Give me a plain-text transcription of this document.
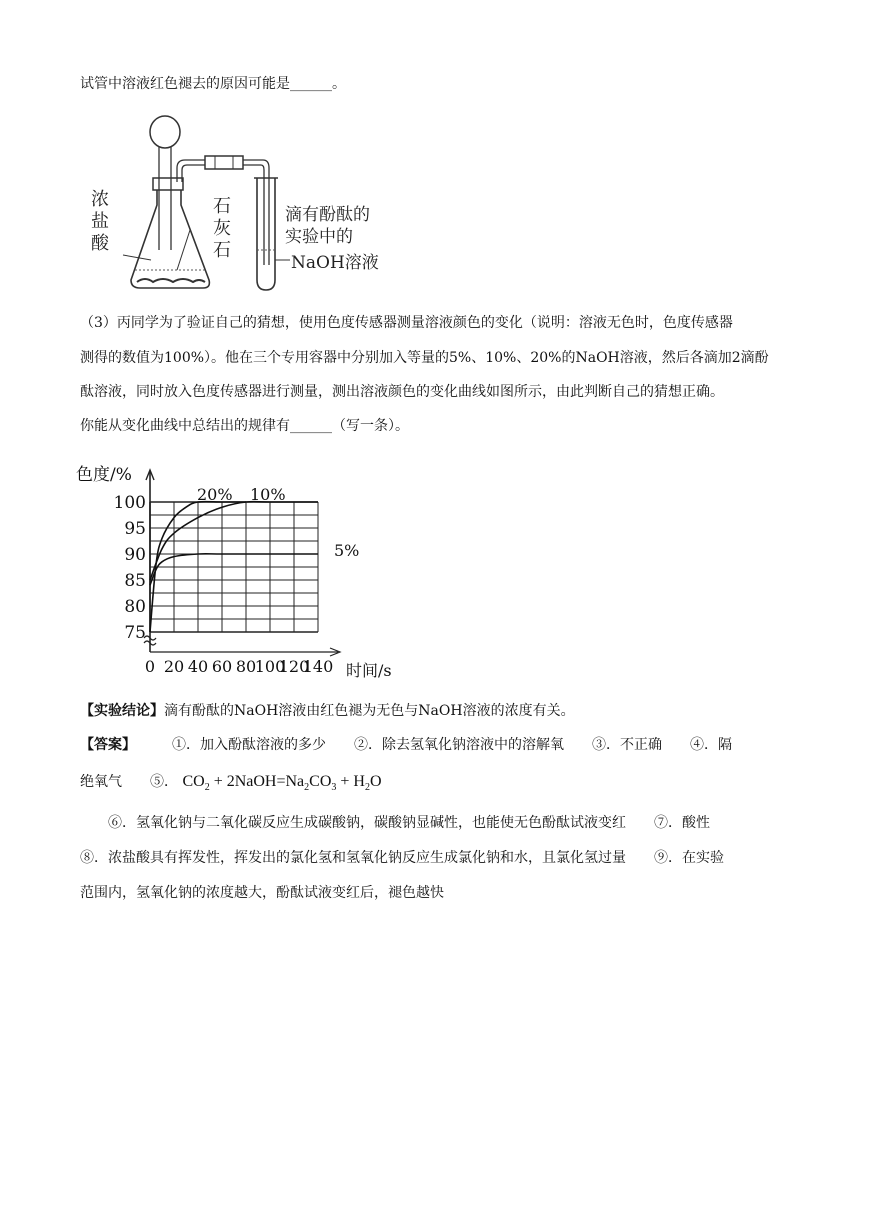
试管中溶液红色褪去的原因可能是______。
浓
盐
酸
石
灰
石
滴有酚酞的
实验中的
NaOH溶液
（3）丙同学为了验证自己的猜想，使用色度传感器测量溶液颜色的变化（说明：溶液无色时，色度传感器
测得的数值为100%）。他在三个专用容器中分别加入等量的5%、10%、20%的NaOH溶液，然后各滴加2滴酚
酞溶液，同时放入色度传感器进行测量，测出溶液颜色的变化曲线如图所示，由此判断自己的猜想正确。
你能从变化曲线中总结出的规律有______（写一条）。
75
80
85
90
95
100
0 20 40 60 80
100
120
140
色度/%
时间/s
20% 10%
5%
【实验结论】滴有酚酞的NaOH溶液由红色褪为无色与NaOH溶液的浓度有关。
【答案】	①．加入酚酞溶液的多少　　②．除去氢氧化钠溶液中的溶解氧　　③．不正确　　④．隔
绝氧气　　⑤． $CO_2$ + $2NaOH=Na_2CO_3 + H_2O$
⑥．氢氧化钠与二氧化碳反应生成碳酸钠，碳酸钠显碱性，也能使无色酚酞试液变红　　⑦．酸性
⑧．浓盐酸具有挥发性，挥发出的氯化氢和氢氧化钠反应生成氯化钠和水，且氯化氢过量　　⑨．在实验
范围内，氢氧化钠的浓度越大，酚酞试液变红后，褪色越快
